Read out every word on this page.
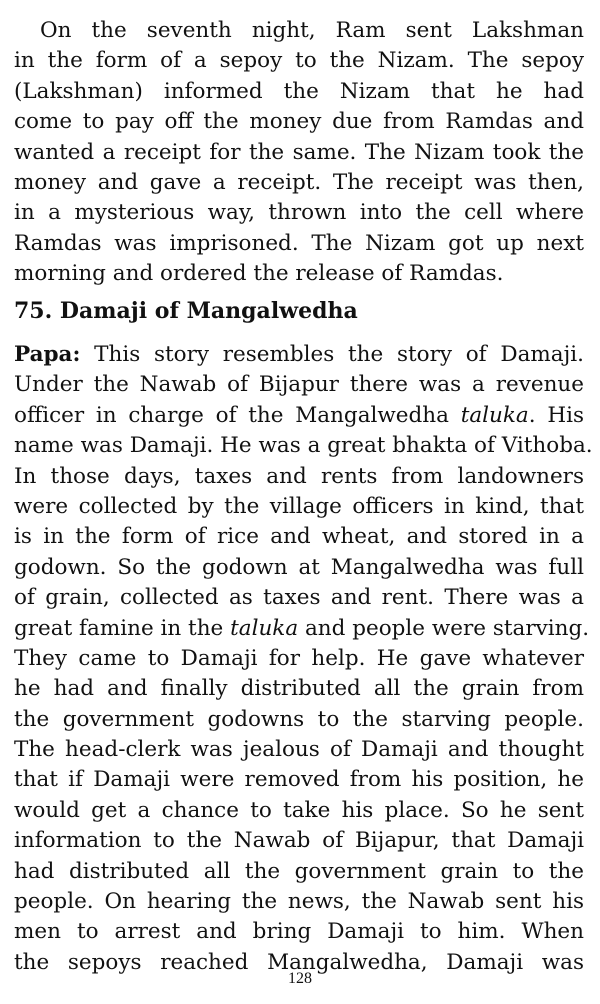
On the seventh night, Ram sent Lakshman
in the form of a sepoy to the Nizam. The sepoy
(Lakshman) informed the Nizam that he had
come to pay off the money due from Ramdas and
wanted a receipt for the same. The Nizam took the
money and gave a receipt. The receipt was then,
in a mysterious way, thrown into the cell where
Ramdas was imprisoned. The Nizam got up next
morning and ordered the release of Ramdas.
75. Damaji of Mangalwedha
Papa: This story resembles the story of Damaji.
Under the Nawab of Bijapur there was a revenue
officer in charge of the Mangalwedha taluka. His
name was Damaji. He was a great bhakta of Vithoba.
In those days, taxes and rents from landowners
were collected by the village officers in kind, that
is in the form of rice and wheat, and stored in a
godown. So the godown at Mangalwedha was full
of grain, collected as taxes and rent. There was a
great famine in the taluka and people were starving.
They came to Damaji for help. He gave whatever
he had and finally distributed all the grain from
the government godowns to the starving people.
The head-clerk was jealous of Damaji and thought
that if Damaji were removed from his position, he
would get a chance to take his place. So he sent
information to the Nawab of Bijapur, that Damaji
had distributed all the government grain to the
people. On hearing the news, the Nawab sent his
men to arrest and bring Damaji to him. When
the sepoys reached Mangalwedha, Damaji was
128
